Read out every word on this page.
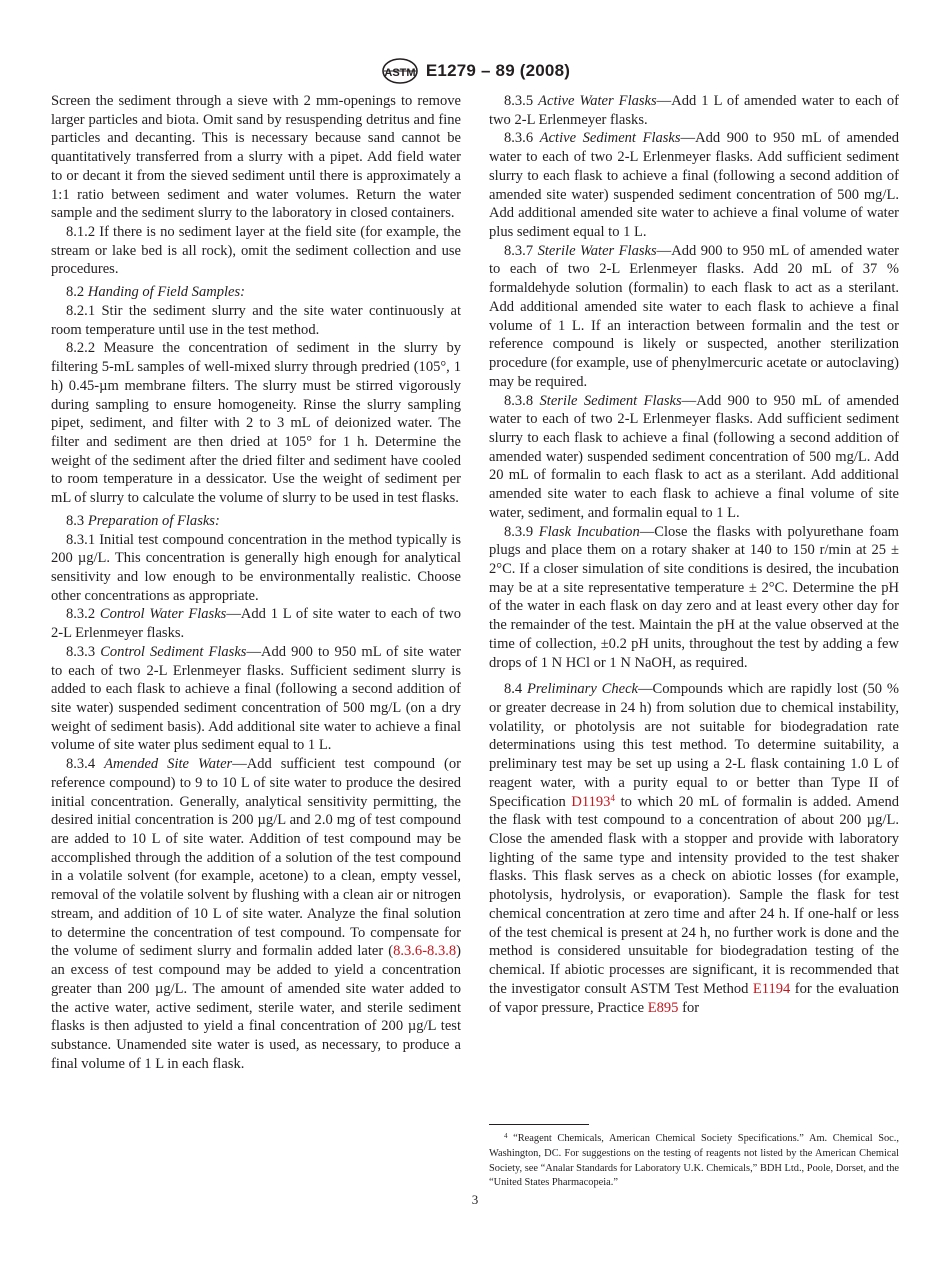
ASTM E1279 – 89 (2008)

Screen the sediment through a sieve with 2 mm-openings to remove larger particles and biota. Omit sand by resuspending detritus and fine particles and decanting. This is necessary because sand cannot be quantitatively transferred from a slurry with a pipet. Add field water to or decant it from the sieved sediment until there is approximately a 1:1 ratio between sediment and water volumes. Return the water sample and the sediment slurry to the laboratory in closed containers.

8.1.2 If there is no sediment layer at the field site (for example, the stream or lake bed is all rock), omit the sediment collection and use procedures.

8.2 Handing of Field Samples:

8.2.1 Stir the sediment slurry and the site water continuously at room temperature until use in the test method.

8.2.2 Measure the concentration of sediment in the slurry by filtering 5-mL samples of well-mixed slurry through predried (105°, 1 h) 0.45-µm membrane filters. The slurry must be stirred vigorously during sampling to ensure homogeneity. Rinse the slurry sampling pipet, sediment, and filter with 2 to 3 mL of deionized water. The filter and sediment are then dried at 105° for 1 h. Determine the weight of the sediment after the dried filter and sediment have cooled to room temperature in a dessicator. Use the weight of sediment per mL of slurry to calculate the volume of slurry to be used in test flasks.

8.3 Preparation of Flasks:

8.3.1 Initial test compound concentration in the method typically is 200 µg/L. This concentration is generally high enough for analytical sensitivity and low enough to be environmentally realistic. Choose other concentrations as appropriate.

8.3.2 Control Water Flasks—Add 1 L of site water to each of two 2-L Erlenmeyer flasks.

8.3.3 Control Sediment Flasks—Add 900 to 950 mL of site water to each of two 2-L Erlenmeyer flasks. Sufficient sediment slurry is added to each flask to achieve a final (following a second addition of site water) suspended sediment concentration of 500 mg/L (on a dry weight of sediment basis). Add additional site water to achieve a final volume of site water plus sediment equal to 1 L.

8.3.4 Amended Site Water—Add sufficient test compound (or reference compound) to 9 to 10 L of site water to produce the desired initial concentration. Generally, analytical sensitivity permitting, the desired initial concentration is 200 µg/L and 2.0 mg of test compound are added to 10 L of site water. Addition of test compound may be accomplished through the addition of a solution of the test compound in a volatile solvent (for example, acetone) to a clean, empty vessel, removal of the volatile solvent by flushing with a clean air or nitrogen stream, and addition of 10 L of site water. Analyze the final solution to determine the concentration of test compound. To compensate for the volume of sediment slurry and formalin added later (8.3.6-8.3.8) an excess of test compound may be added to yield a concentration greater than 200 µg/L. The amount of amended site water added to the active water, active sediment, sterile water, and sterile sediment flasks is then adjusted to yield a final concentration of 200 µg/L test substance. Unamended site water is used, as necessary, to produce a final volume of 1 L in each flask.

8.3.5 Active Water Flasks—Add 1 L of amended water to each of two 2-L Erlenmeyer flasks.

8.3.6 Active Sediment Flasks—Add 900 to 950 mL of amended water to each of two 2-L Erlenmeyer flasks. Add sufficient sediment slurry to each flask to achieve a final (following a second addition of amended site water) suspended sediment concentration of 500 mg/L. Add additional amended site water to achieve a final volume of water plus sediment equal to 1 L.

8.3.7 Sterile Water Flasks—Add 900 to 950 mL of amended water to each of two 2-L Erlenmeyer flasks. Add 20 mL of 37 % formaldehyde solution (formalin) to each flask to act as a sterilant. Add additional amended site water to each flask to achieve a final volume of 1 L. If an interaction between formalin and the test or reference compound is likely or suspected, another sterilization procedure (for example, use of phenylmercuric acetate or autoclaving) may be required.

8.3.8 Sterile Sediment Flasks—Add 900 to 950 mL of amended water to each of two 2-L Erlenmeyer flasks. Add sufficient sediment slurry to each flask to achieve a final (following a second addition of amended water) suspended sediment concentration of 500 mg/L. Add 20 mL of formalin to each flask to act as a sterilant. Add additional amended site water to each flask to achieve a final volume of site water, sediment, and formalin equal to 1 L.

8.3.9 Flask Incubation—Close the flasks with polyurethane foam plugs and place them on a rotary shaker at 140 to 150 r/min at 25 ± 2°C. If a closer simulation of site conditions is desired, the incubation may be at a site representative temperature ± 2°C. Determine the pH of the water in each flask on day zero and at least every other day for the remainder of the test. Maintain the pH at the value observed at the time of collection, ±0.2 pH units, throughout the test by adding a few drops of 1 N HCl or 1 N NaOH, as required.

8.4 Preliminary Check—Compounds which are rapidly lost (50 % or greater decrease in 24 h) from solution due to chemical instability, volatility, or photolysis are not suitable for biodegradation rate determinations using this test method. To determine suitability, a preliminary test may be set up using a 2-L flask containing 1.0 L of reagent water, with a purity equal to or better than Type II of Specification D1193$^4$ to which 20 mL of formalin is added. Amend the flask with test compound to a concentration of about 200 µg/L. Close the amended flask with a stopper and provide with laboratory lighting of the same type and intensity provided to the test shaker flasks. This flask serves as a check on abiotic losses (for example, photolysis, hydrolysis, or evaporation). Sample the flask for test chemical concentration at zero time and after 24 h. If one-half or less of the test chemical is present at 24 h, no further work is done and the method is considered unsuitable for biodegradation testing of the chemical. If abiotic processes are significant, it is recommended that the investigator consult ASTM Test Method E1194 for the evaluation of vapor pressure, Practice E895 for

$^4$ “Reagent Chemicals, American Chemical Society Specifications.” Am. Chemical Soc., Washington, DC. For suggestions on the testing of reagents not listed by the American Chemical Society, see “Analar Standards for Laboratory U.K. Chemicals,” BDH Ltd., Poole, Dorset, and the “United States Pharmacopeia.”
3
